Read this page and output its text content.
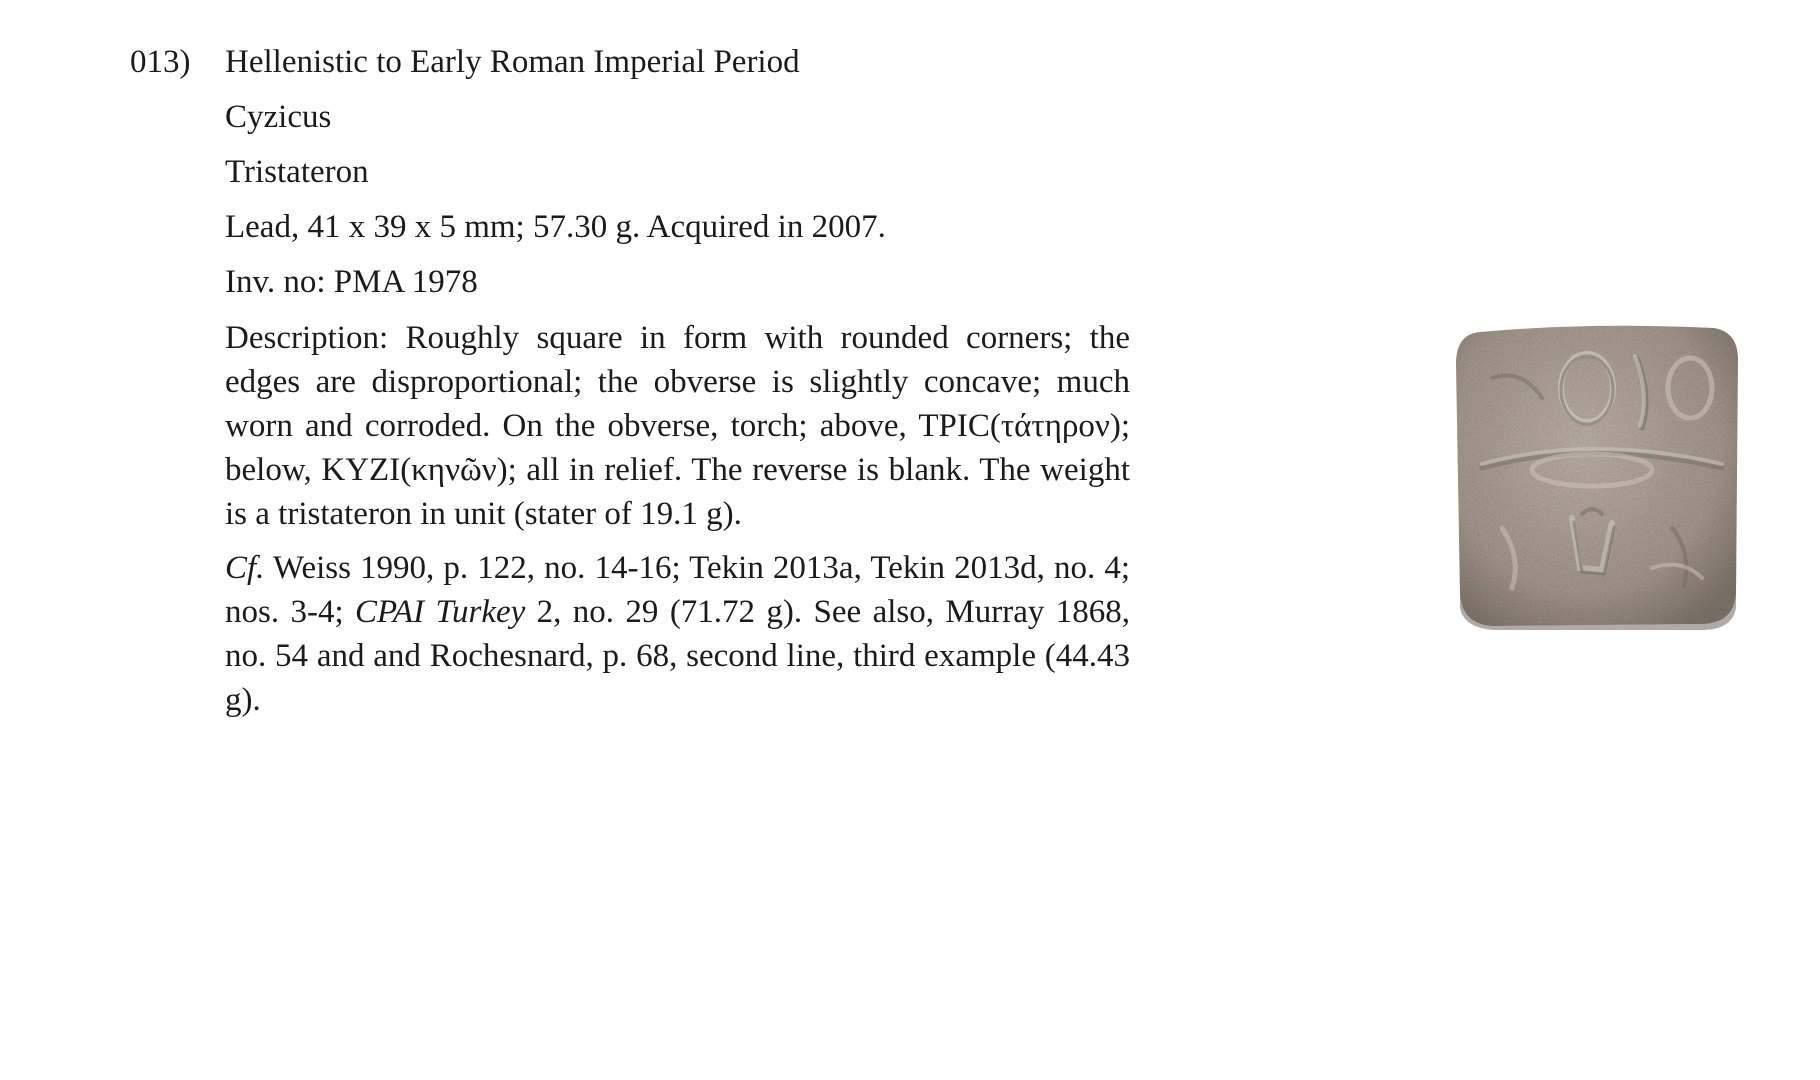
013) Hellenistic to Early Roman Imperial Period
Cyzicus
Tristateron
Lead, 41 x 39 x 5 mm; 57.30 g. Acquired in 2007.
Inv. no: PMA 1978

Description: Roughly square in form with rounded corners; the edges are disproportional; the obverse is slightly concave; much worn and corroded. On the obverse, torch; above, TPIC(τάτηρον); below, KYZI(κηνῶν); all in relief. The reverse is blank. The weight is a tristateron in unit (stater of 19.1 g).

Cf. Weiss 1990, p. 122, no. 14-16; Tekin 2013a, Tekin 2013d, no. 4; nos. 3-4; CPAI Turkey 2, no. 29 (71.72 g). See also, Murray 1868, no. 54 and and Rochesnard, p. 68, second line, third example (44.43 g).
